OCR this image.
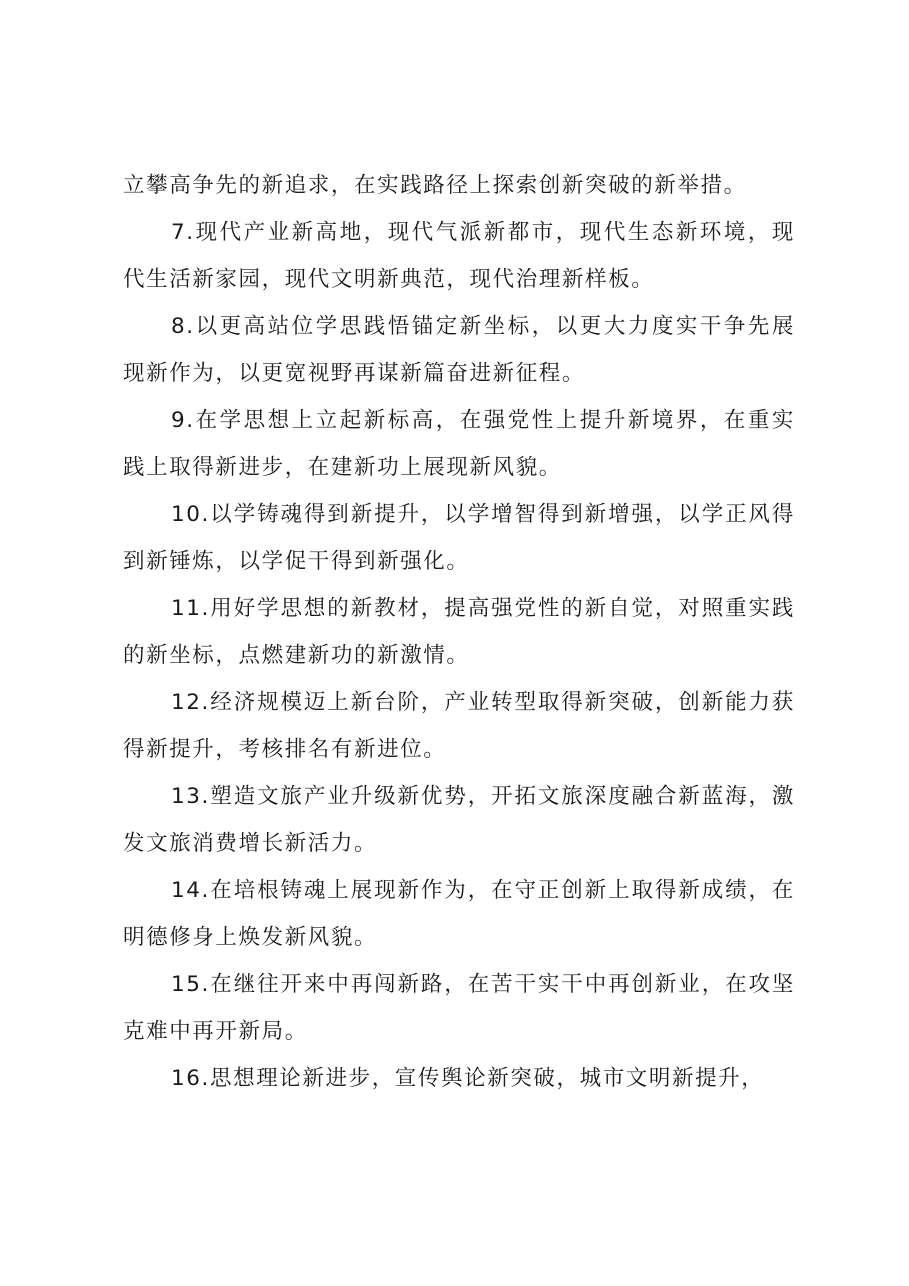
立攀高争先的新追求，在实践路径上探索创新突破的新举措。

7.现代产业新高地，现代气派新都市，现代生态新环境，现代生活新家园，现代文明新典范，现代治理新样板。

8.以更高站位学思践悟锚定新坐标，以更大力度实干争先展现新作为，以更宽视野再谋新篇奋进新征程。

9.在学思想上立起新标高，在强党性上提升新境界，在重实践上取得新进步，在建新功上展现新风貌。

10.以学铸魂得到新提升，以学增智得到新增强，以学正风得到新锤炼，以学促干得到新强化。

11.用好学思想的新教材，提高强党性的新自觉，对照重实践的新坐标，点燃建新功的新激情。

12.经济规模迈上新台阶，产业转型取得新突破，创新能力获得新提升，考核排名有新进位。

13.塑造文旅产业升级新优势，开拓文旅深度融合新蓝海，激发文旅消费增长新活力。

14.在培根铸魂上展现新作为，在守正创新上取得新成绩，在明德修身上焕发新风貌。

15.在继往开来中再闯新路，在苦干实干中再创新业，在攻坚克难中再开新局。

16.思想理论新进步，宣传舆论新突破，城市文明新提升，
